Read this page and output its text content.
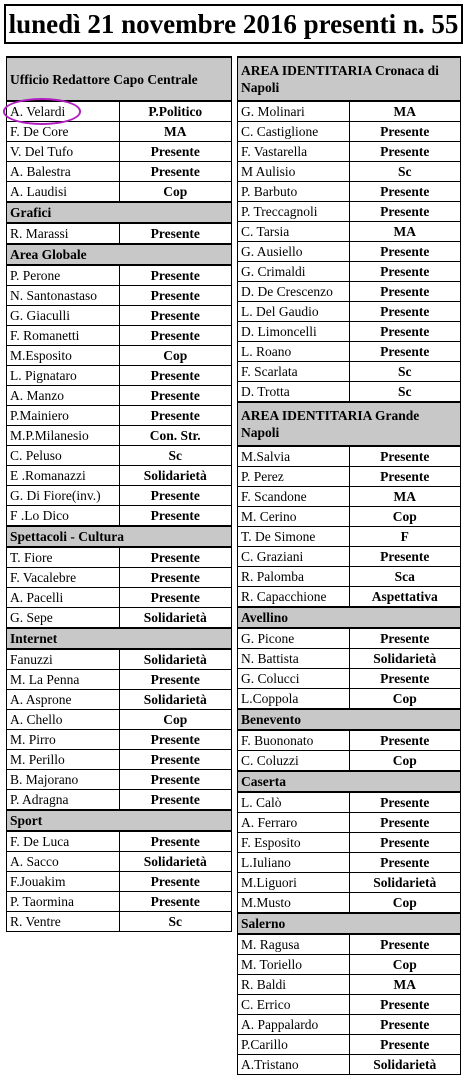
lunedì 21 novembre 2016 presenti n. 55
Ufficio Redattore Capo Centrale	
A. Velardi	P.Politico
F. De Core	MA
V. Del Tufo	Presente
A. Balestra	Presente
A. Laudisi	Cop
Grafici	
R. Marassi	Presente
Area Globale	
P. Perone	Presente
N. Santonastaso	Presente
G. Giaculli	Presente
F. Romanetti	Presente
M.Esposito	Cop
L. Pignataro	Presente
A. Manzo	Presente
P.Mainiero	Presente
M.P.Milanesio	Con. Str.
C. Peluso	Sc
E .Romanazzi	Solidarietà
G. Di Fiore(inv.)	Presente
F .Lo Dico	Presente
Spettacoli - Cultura	
T. Fiore	Presente
F. Vacalebre	Presente
A. Pacelli	Presente
G. Sepe	Solidarietà
Internet	
Fanuzzi	Solidarietà
M. La Penna	Presente
A. Asprone	Solidarietà
A. Chello	Cop
M. Pirro	Presente
M. Perillo	Presente
B. Majorano	Presente
P. Adragna	Presente
Sport	
F. De Luca	Presente
A. Sacco	Solidarietà
F.Jouakim	Presente
P. Taormina	Presente
R. Ventre	Sc
AREA IDENTITARIA Cronaca di Napoli	
G. Molinari	MA
C. Castiglione	Presente
F. Vastarella	Presente
M Aulisio	Sc
P. Barbuto	Presente
P. Treccagnoli	Presente
C. Tarsia	MA
G. Ausiello	Presente
G. Crimaldi	Presente
D. De Crescenzo	Presente
L. Del Gaudio	Presente
D. Limoncelli	Presente
L. Roano	Presente
F. Scarlata	Sc
D. Trotta	Sc
AREA IDENTITARIA Grande Napoli	
M.Salvia	Presente
P. Perez	Presente
F. Scandone	MA
M. Cerino	Cop
T. De Simone	F
C. Graziani	Presente
R. Palomba	Sca
R. Capacchione	Aspettativa
Avellino	
G. Picone	Presente
N. Battista	Solidarietà
G. Colucci	Presente
L.Coppola	Cop
Benevento	
F. Buononato	Presente
C. Coluzzi	Cop
Caserta	
L. Calò	Presente
A. Ferraro	Presente
F. Esposito	Presente
L.Iuliano	Presente
M.Liguori	Solidarietà
M.Musto	Cop
Salerno	
M. Ragusa	Presente
M. Toriello	Cop
R. Baldi	MA
C. Errico	Presente
A. Pappalardo	Presente
P.Carillo	Presente
A.Tristano	Solidarietà
